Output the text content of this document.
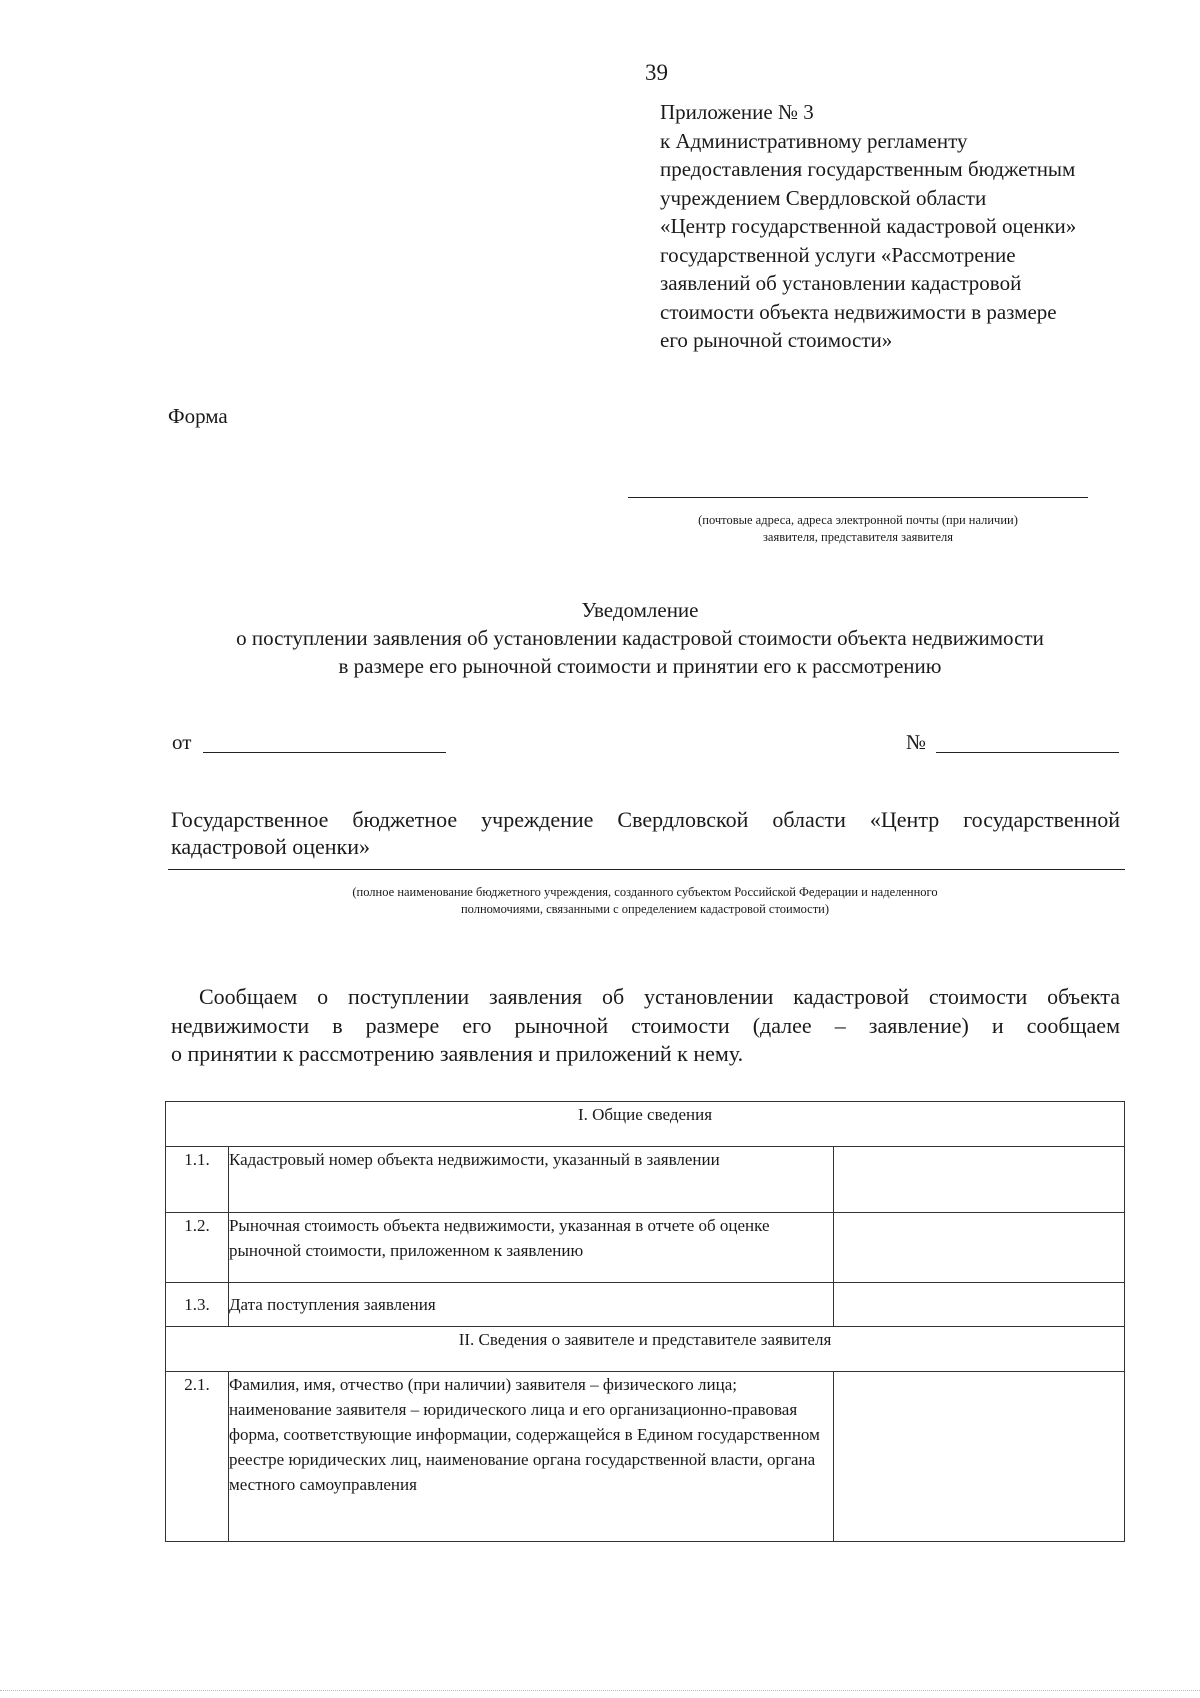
39
Приложение № 3
к Административному регламенту
предоставления государственным бюджетным
учреждением Свердловской области
«Центр государственной кадастровой оценки»
государственной услуги «Рассмотрение
заявлений об установлении кадастровой
стоимости объекта недвижимости в размере
его рыночной стоимости»
Форма
(почтовые адреса, адреса электронной почты (при наличии)
заявителя, представителя заявителя
Уведомление
о поступлении заявления об установлении кадастровой стоимости объекта недвижимости
в размере его рыночной стоимости и принятии его к рассмотрению
от	№
Государственное бюджетное учреждение Свердловской области «Центр государственной
кадастровой оценки»
(полное наименование бюджетного учреждения, созданного субъектом Российской Федерации и наделенного
полномочиями, связанными с определением кадастровой стоимости)
Сообщаем о поступлении заявления об установлении кадастровой стоимости объекта
недвижимости в размере его рыночной стоимости (далее – заявление) и сообщаем
о принятии к рассмотрению заявления и приложений к нему.
I. Общие сведения		
1.1.	Кадастровый номер объекта недвижимости, указанный в заявлении	
1.2.	Рыночная стоимость объекта недвижимости, указанная в отчете об оценке рыночной стоимости, приложенном к заявлению	
1.3.	Дата поступления заявления	
II. Сведения о заявителе и представителе заявителя		
2.1.	Фамилия, имя, отчество (при наличии) заявителя – физического лица; наименование заявителя – юридического лица и его организационно-правовая форма, соответствующие информации, содержащейся в Едином государственном реестре юридических лиц, наименование органа государственной власти, органа местного самоуправления	
